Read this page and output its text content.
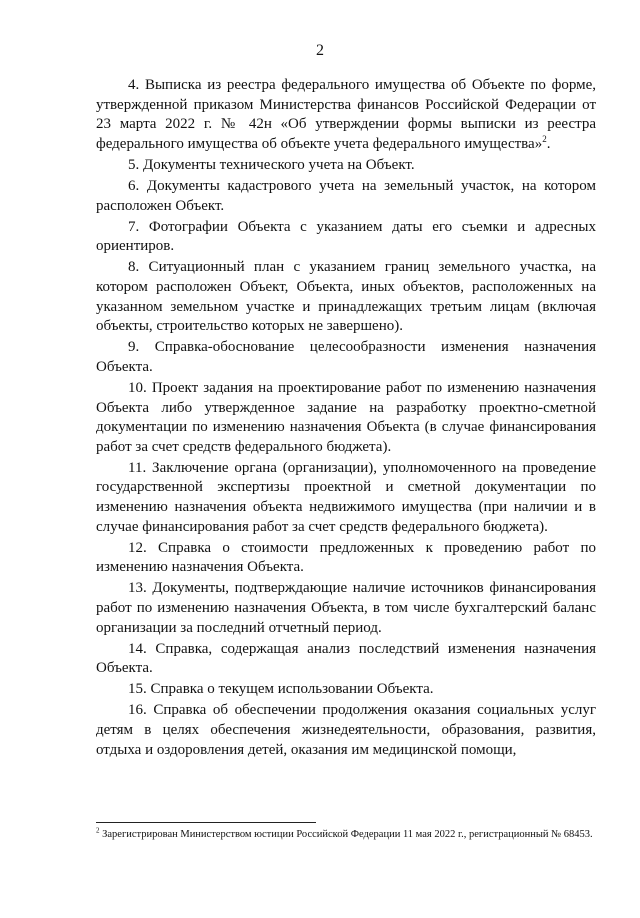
2

4. Выписка из реестра федерального имущества об Объекте по форме, утвержденной приказом Министерства финансов Российской Федерации от 23 марта 2022 г. № 42н «Об утверждении формы выписки из реестра федерального имущества об объекте учета федерального имущества»$^2$.

5. Документы технического учета на Объект.

6. Документы кадастрового учета на земельный участок, на котором расположен Объект.

7. Фотографии Объекта с указанием даты его съемки и адресных ориентиров.

8. Ситуационный план с указанием границ земельного участка, на котором расположен Объект, Объекта, иных объектов, расположенных на указанном земельном участке и принадлежащих третьим лицам (включая объекты, строительство которых не завершено).

9. Справка-обоснование целесообразности изменения назначения Объекта.

10. Проект задания на проектирование работ по изменению назначения Объекта либо утвержденное задание на разработку проектно-сметной документации по изменению назначения Объекта (в случае финансирования работ за счет средств федерального бюджета).

11. Заключение органа (организации), уполномоченного на проведение государственной экспертизы проектной и сметной документации по изменению назначения объекта недвижимого имущества (при наличии и в случае финансирования работ за счет средств федерального бюджета).

12. Справка о стоимости предложенных к проведению работ по изменению назначения Объекта.

13. Документы, подтверждающие наличие источников финансирования работ по изменению назначения Объекта, в том числе бухгалтерский баланс организации за последний отчетный период.

14. Справка, содержащая анализ последствий изменения назначения Объекта.

15. Справка о текущем использовании Объекта.

16. Справка об обеспечении продолжения оказания социальных услуг детям в целях обеспечения жизнедеятельности, образования, развития, отдыха и оздоровления детей, оказания им медицинской помощи,

$^2$ Зарегистрирован Министерством юстиции Российской Федерации 11 мая 2022 г., регистрационный № 68453.
